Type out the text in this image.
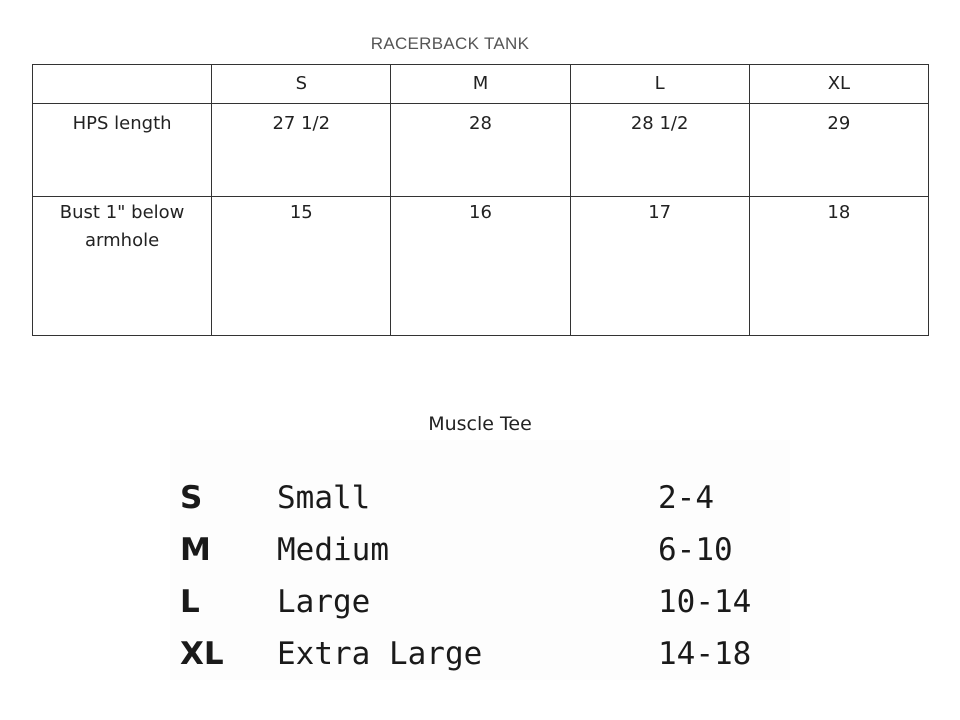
RACERBACK TANK
	S	M	L	XL
HPS length	27 1/2	28	28 1/2	29
Bust 1" below armhole	15	16	17	18
Muscle Tee
S Small	2-4
M Medium	6-10
L Large	10-14
XL Extra Large	14-18
